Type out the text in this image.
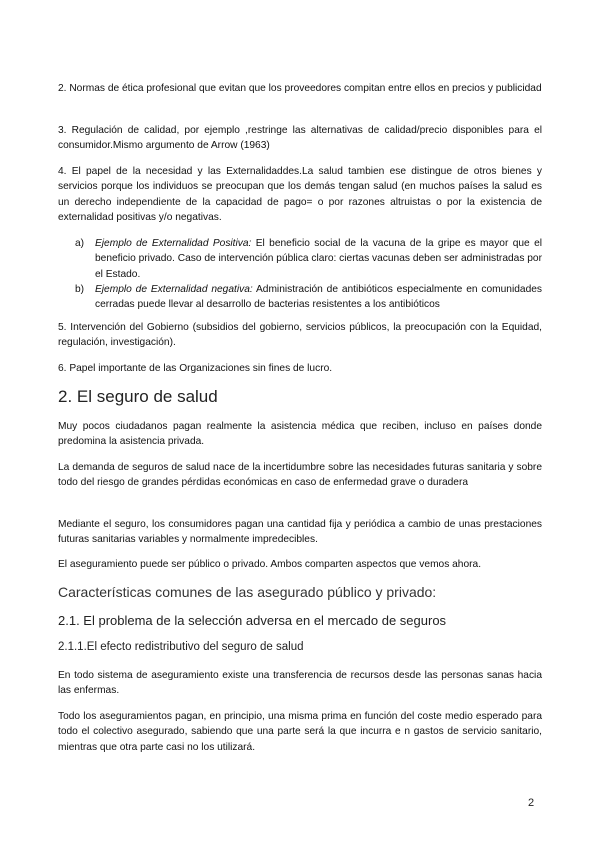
2. Normas de ética profesional que evitan que los proveedores compitan entre ellos en precios y publicidad

3. Regulación de calidad, por ejemplo ,restringe las alternativas de calidad/precio disponibles para el consumidor.Mismo argumento de Arrow (1963)

4. El papel de la necesidad y las Externalidaddes.La salud tambien ese distingue de otros bienes y servicios porque los individuos se preocupan que los demás tengan salud (en muchos países la salud es un derecho independiente de la capacidad de pago= o por razones altruistas o por la existencia de externalidad positivas y/o negativas.

a) Ejemplo de Externalidad Positiva: El beneficio social de la vacuna de la gripe es mayor que el beneficio privado. Caso de intervención pública claro: ciertas vacunas deben ser administradas por el Estado.

b) Ejemplo de Externalidad negativa: Administración de antibióticos especialmente en comunidades cerradas puede llevar al desarrollo de bacterias resistentes a los antibióticos

5. Intervención del Gobierno (subsidios del gobierno, servicios públicos, la preocupación con la Equidad, regulación, investigación).

6. Papel importante de las Organizaciones sin fines de lucro.

2. El seguro de salud

Muy pocos ciudadanos pagan realmente la asistencia médica que reciben, incluso en países donde predomina la asistencia privada.

La demanda de seguros de salud nace de la incertidumbre sobre las necesidades futuras sanitaria y sobre todo del riesgo de grandes pérdidas económicas en caso de enfermedad grave o duradera

Mediante el seguro, los consumidores pagan una cantidad fija y periódica a cambio de unas prestaciones futuras sanitarias variables y normalmente impredecibles.

El aseguramiento puede ser público o privado. Ambos comparten aspectos que vemos ahora.

Características comunes de las asegurado público y privado:
2.1. El problema de la selección adversa en el mercado de seguros
2.1.1.El efecto redistributivo del seguro de salud

En todo sistema de aseguramiento existe una transferencia de recursos desde las personas sanas hacia las enfermas.

Todo los aseguramientos pagan, en principio, una misma prima en función del coste medio esperado para todo el colectivo asegurado, sabiendo que una parte será la que incurra e n gastos de servicio sanitario, mientras que otra parte casi no los utilizará.

2
